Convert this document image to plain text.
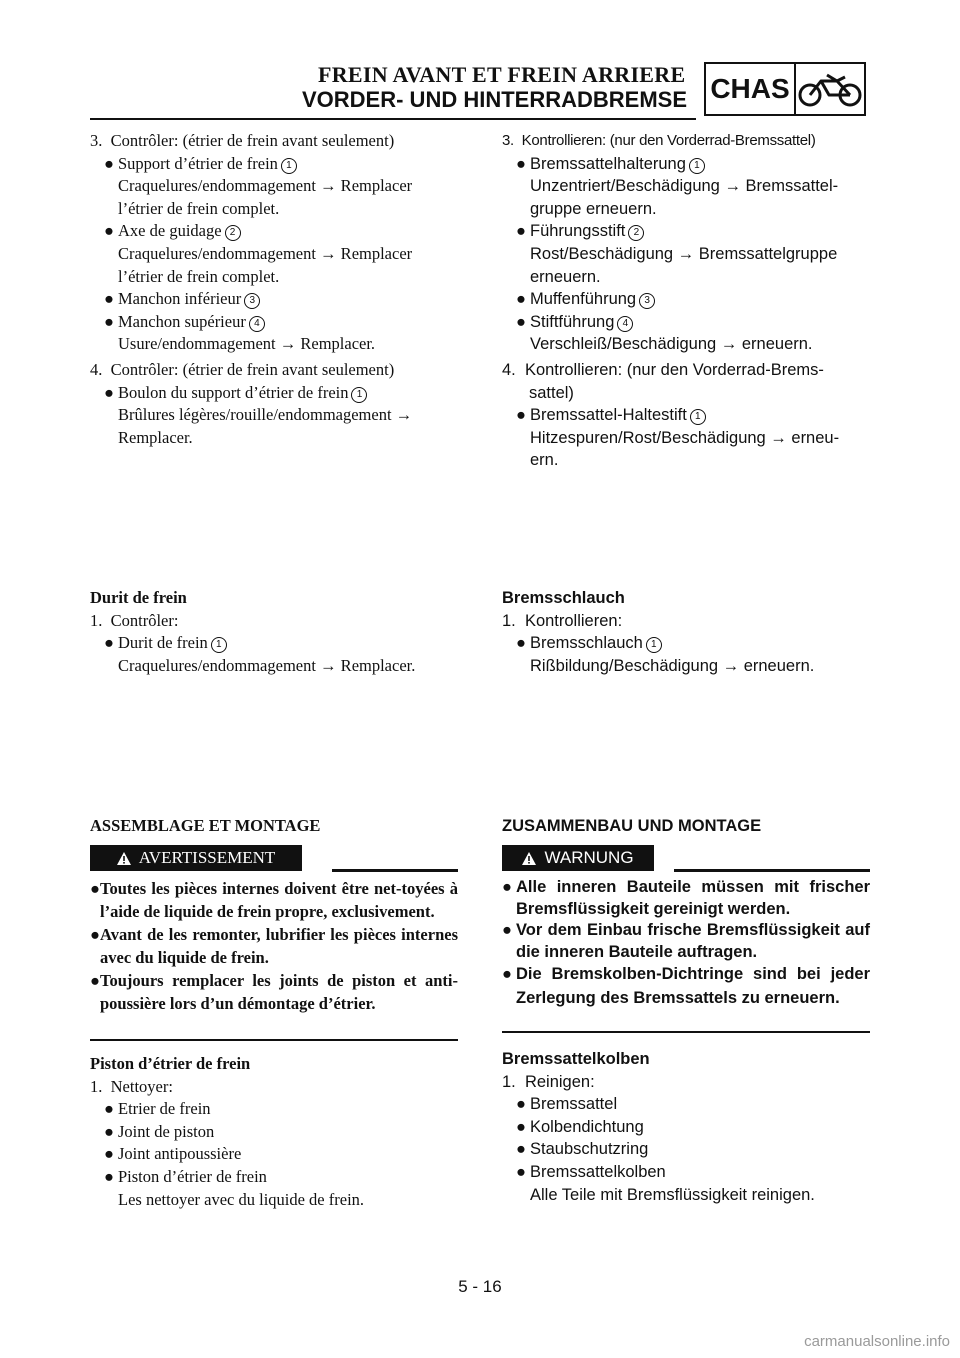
FREIN AVANT ET FREIN ARRIERE
VORDER- UND HINTERRADBREMSE CHAS
3. Contrôler: (étrier de frein avant seulement)
● Support d’étrier de frein 1
Craquelures/endommagement → Remplacer
l’étrier de frein complet.
● Axe de guidage 2
Craquelures/endommagement → Remplacer
l’étrier de frein complet.
● Manchon inférieur 3
● Manchon supérieur 4
Usure/endommagement → Remplacer.
4. Contrôler: (étrier de frein avant seulement)
● Boulon du support d’étrier de frein 1
Brûlures légères/rouille/endommagement →
Remplacer.
Durit de frein
1. Contrôler:
● Durit de frein 1
Craquelures/endommagement → Remplacer.
ASSEMBLAGE ET MONTAGE
AVERTISSEMENT
● Toutes les pièces internes doivent être net-toyées à l’aide de liquide de frein propre, exclusivement.
● Avant de les remonter, lubrifier les pièces internes avec du liquide de frein.
● Toujours remplacer les joints de piston et anti-poussière lors d’un démontage d’étrier.
Piston d’étrier de frein
1. Nettoyer:
● Etrier de frein
● Joint de piston
● Joint antipoussière
● Piston d’étrier de frein
Les nettoyer avec du liquide de frein.
3. Kontrollieren: (nur den Vorderrad-Bremssattel)
● Bremssattelhalterung 1
Unzentriert/Beschädigung → Bremssattel-
gruppe erneuern.
● Führungsstift 2
Rost/Beschädigung → Bremssattelgruppe
erneuern.
● Muffenführung 3
● Stiftführung 4
Verschleiß/Beschädigung → erneuern.
4. Kontrollieren: (nur den Vorderrad-Brems-
sattel)
● Bremssattel-Haltestift 1
Hitzespuren/Rost/Beschädigung → erneu-
ern.
Bremsschlauch
1. Kontrollieren:
● Bremsschlauch 1
Rißbildung/Beschädigung → erneuern.
ZUSAMMENBAU UND MONTAGE
WARNUNG
● Alle inneren Bauteile müssen mit frischer Bremsflüssigkeit gereinigt werden.
● Vor dem Einbau frische Bremsflüssigkeit auf die inneren Bauteile auftragen.
● Die Bremskolben-Dichtringe sind bei jeder Zerlegung des Bremssattels zu erneuern.
Bremssattelkolben
1. Reinigen:
● Bremssattel
● Kolbendichtung
● Staubschutzring
● Bremssattelkolben
Alle Teile mit Bremsflüssigkeit reinigen.
5 - 16
carmanualsonline.info
